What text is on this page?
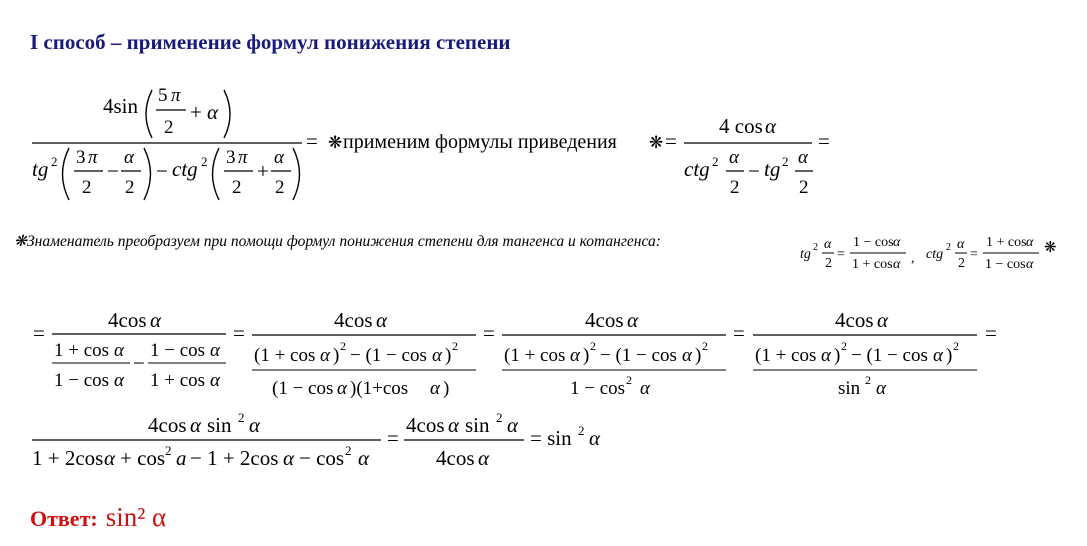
I способ – применение формул понижения степени
4sin 5 π
2
+ α
tg 2 3 π
2
−
α
2
− ctg 2 3 π
2
+
α
2
= ❋ применим формулы приведения ❋ =
4 cos α
ctg 2 α
2
− tg 2 α
2
=
tg 2 α
2
=
1 − cos α
1 + cos α , ctg 2 α
2
=
1 + cos α
1 − cos α
❋
=
4cos α
1 + cos α
1 − cos α
−
1 − cos α
1 + cos α
=
4cos α
(1 + cos α ) 2 − (1 − cos α ) 2
(1 − cos α )(1+cos α )
=
4cos α
(1 + cos α ) 2 − (1 − cos α ) 2
1 − cos 2 α
=
4cos α
(1 + cos α ) 2 − (1 − cos α ) 2
sin 2 α
=
4cos α sin 2 α
1 + 2cos α + cos 2 a − 1 + 2cos α − cos 2 α
=
4cos α sin 2 α
4cos α
= sin 2 α
❋Знаменатель преобразуем при помощи формул понижения степени для тангенса и котангенса:
Ответ: sin² α
